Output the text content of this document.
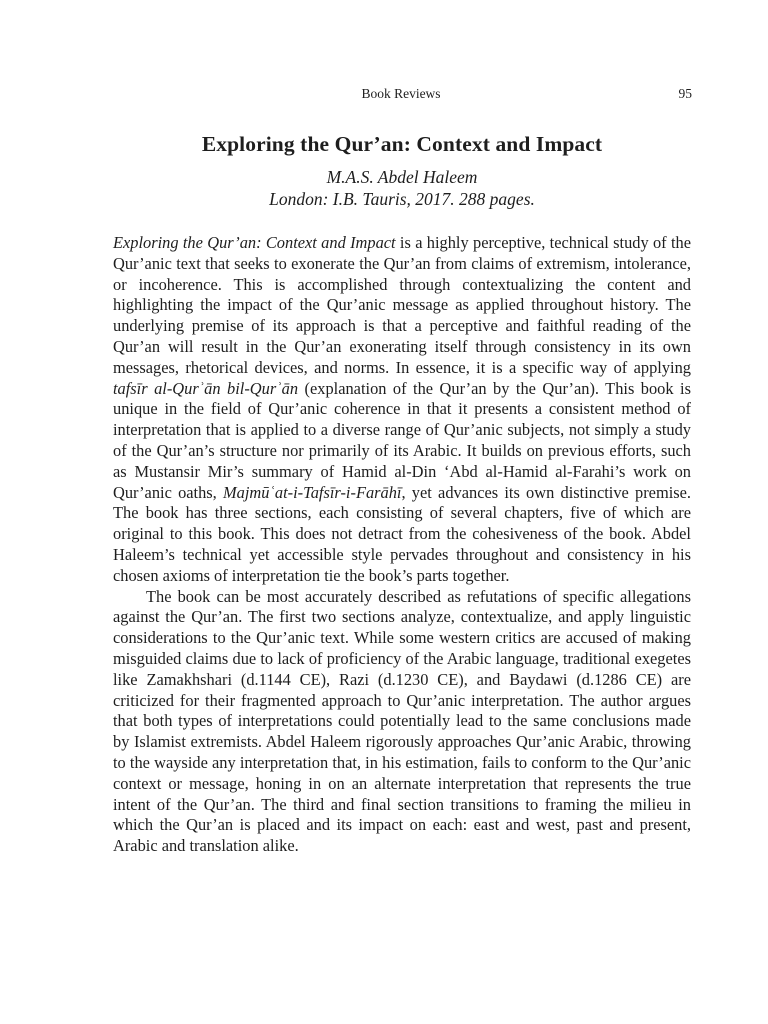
Book Reviews	95
Exploring the Qur’an: Context and Impact

M.A.S. Abdel Haleem

London: I.B. Tauris, 2017. 288 pages.

Exploring the Qur’an: Context and Impact is a highly perceptive, technical study of the Qur’anic text that seeks to exonerate the Qur’an from claims of extremism, intolerance, or incoherence. This is accomplished through contextualizing the content and highlighting the impact of the Qur’anic message as applied throughout history. The underlying premise of its approach is that a perceptive and faithful reading of the Qur’an will result in the Qur’an exonerating itself through consistency in its own messages, rhetorical devices, and norms. In essence, it is a specific way of applying tafsīr al-Qurʾān bil-Qurʾān (explanation of the Qur’an by the Qur’an). This book is unique in the field of Qur’anic coherence in that it presents a consistent method of interpretation that is applied to a diverse range of Qur’anic subjects, not simply a study of the Qur’an’s structure nor primarily of its Arabic. It builds on previous efforts, such as Mustansir Mir’s summary of Hamid al-Din ‘Abd al-Hamid al-Farahi’s work on Qur’anic oaths, Majmūʿat-i-Tafsīr-i-Farāhī, yet advances its own distinctive premise. The book has three sections, each consisting of several chapters, five of which are original to this book. This does not detract from the cohesiveness of the book. Abdel Haleem’s technical yet accessible style pervades throughout and consistency in his chosen axioms of interpretation tie the book’s parts together.

The book can be most accurately described as refutations of specific allegations against the Qur’an. The first two sections analyze, contextualize, and apply linguistic considerations to the Qur’anic text. While some western critics are accused of making misguided claims due to lack of proficiency of the Arabic language, traditional exegetes like Zamakhshari (d.1144 CE), Razi (d.1230 CE), and Baydawi (d.1286 CE) are criticized for their fragmented approach to Qur’anic interpretation. The author argues that both types of interpretations could potentially lead to the same conclusions made by Islamist extremists. Abdel Haleem rigorously approaches Qur’anic Arabic, throwing to the wayside any interpretation that, in his estimation, fails to conform to the Qur’anic context or message, honing in on an alternate interpretation that represents the true intent of the Qur’an. The third and final section transitions to framing the milieu in which the Qur’an is placed and its impact on each: east and west, past and present, Arabic and translation alike.
